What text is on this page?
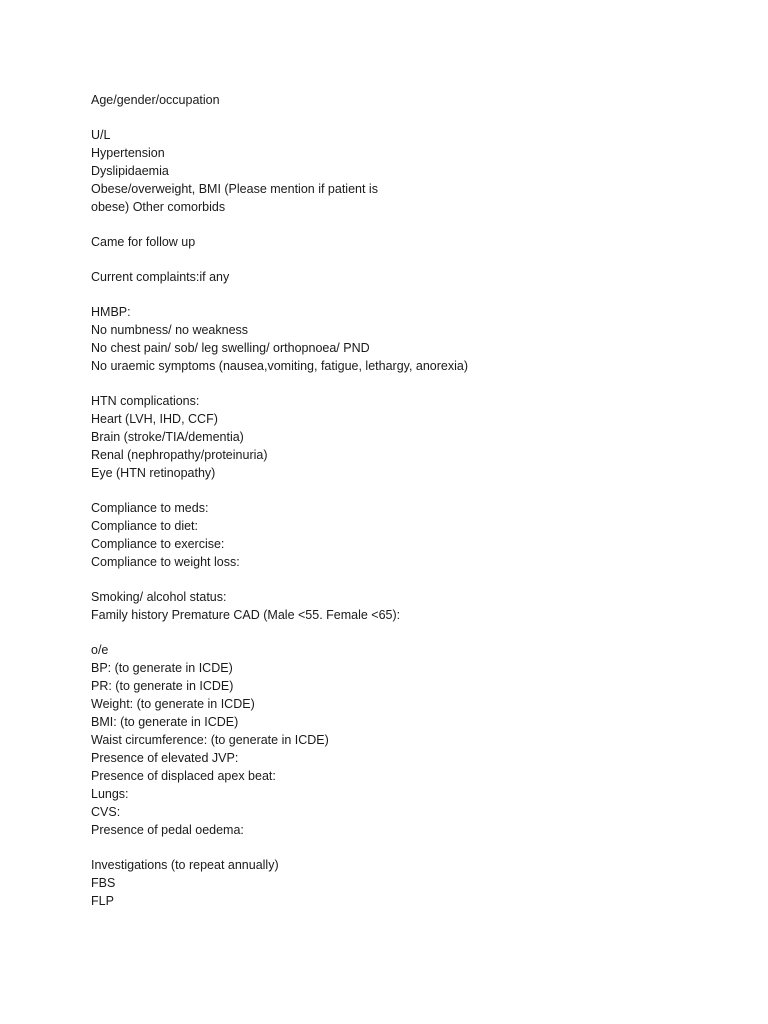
Age/gender/occupation
U/L
Hypertension
Dyslipidaemia
Obese/overweight, BMI (Please mention if patient is
obese) Other comorbids
Came for follow up
Current complaints:if any
HMBP:
No numbness/ no weakness
No chest pain/ sob/ leg swelling/ orthopnoea/ PND
No uraemic symptoms (nausea,vomiting, fatigue, lethargy, anorexia)
HTN complications:
Heart (LVH, IHD, CCF)
Brain (stroke/TIA/dementia)
Renal (nephropathy/proteinuria)
Eye (HTN retinopathy)
Compliance to meds:
Compliance to diet:
Compliance to exercise:
Compliance to weight loss:
Smoking/ alcohol status:
Family history Premature CAD (Male <55. Female <65):
o/e
BP: (to generate in ICDE)
PR: (to generate in ICDE)
Weight: (to generate in ICDE)
BMI: (to generate in ICDE)
Waist circumference: (to generate in ICDE)
Presence of elevated JVP:
Presence of displaced apex beat:
Lungs:
CVS:
Presence of pedal oedema:
Investigations (to repeat annually)
FBS
FLP
